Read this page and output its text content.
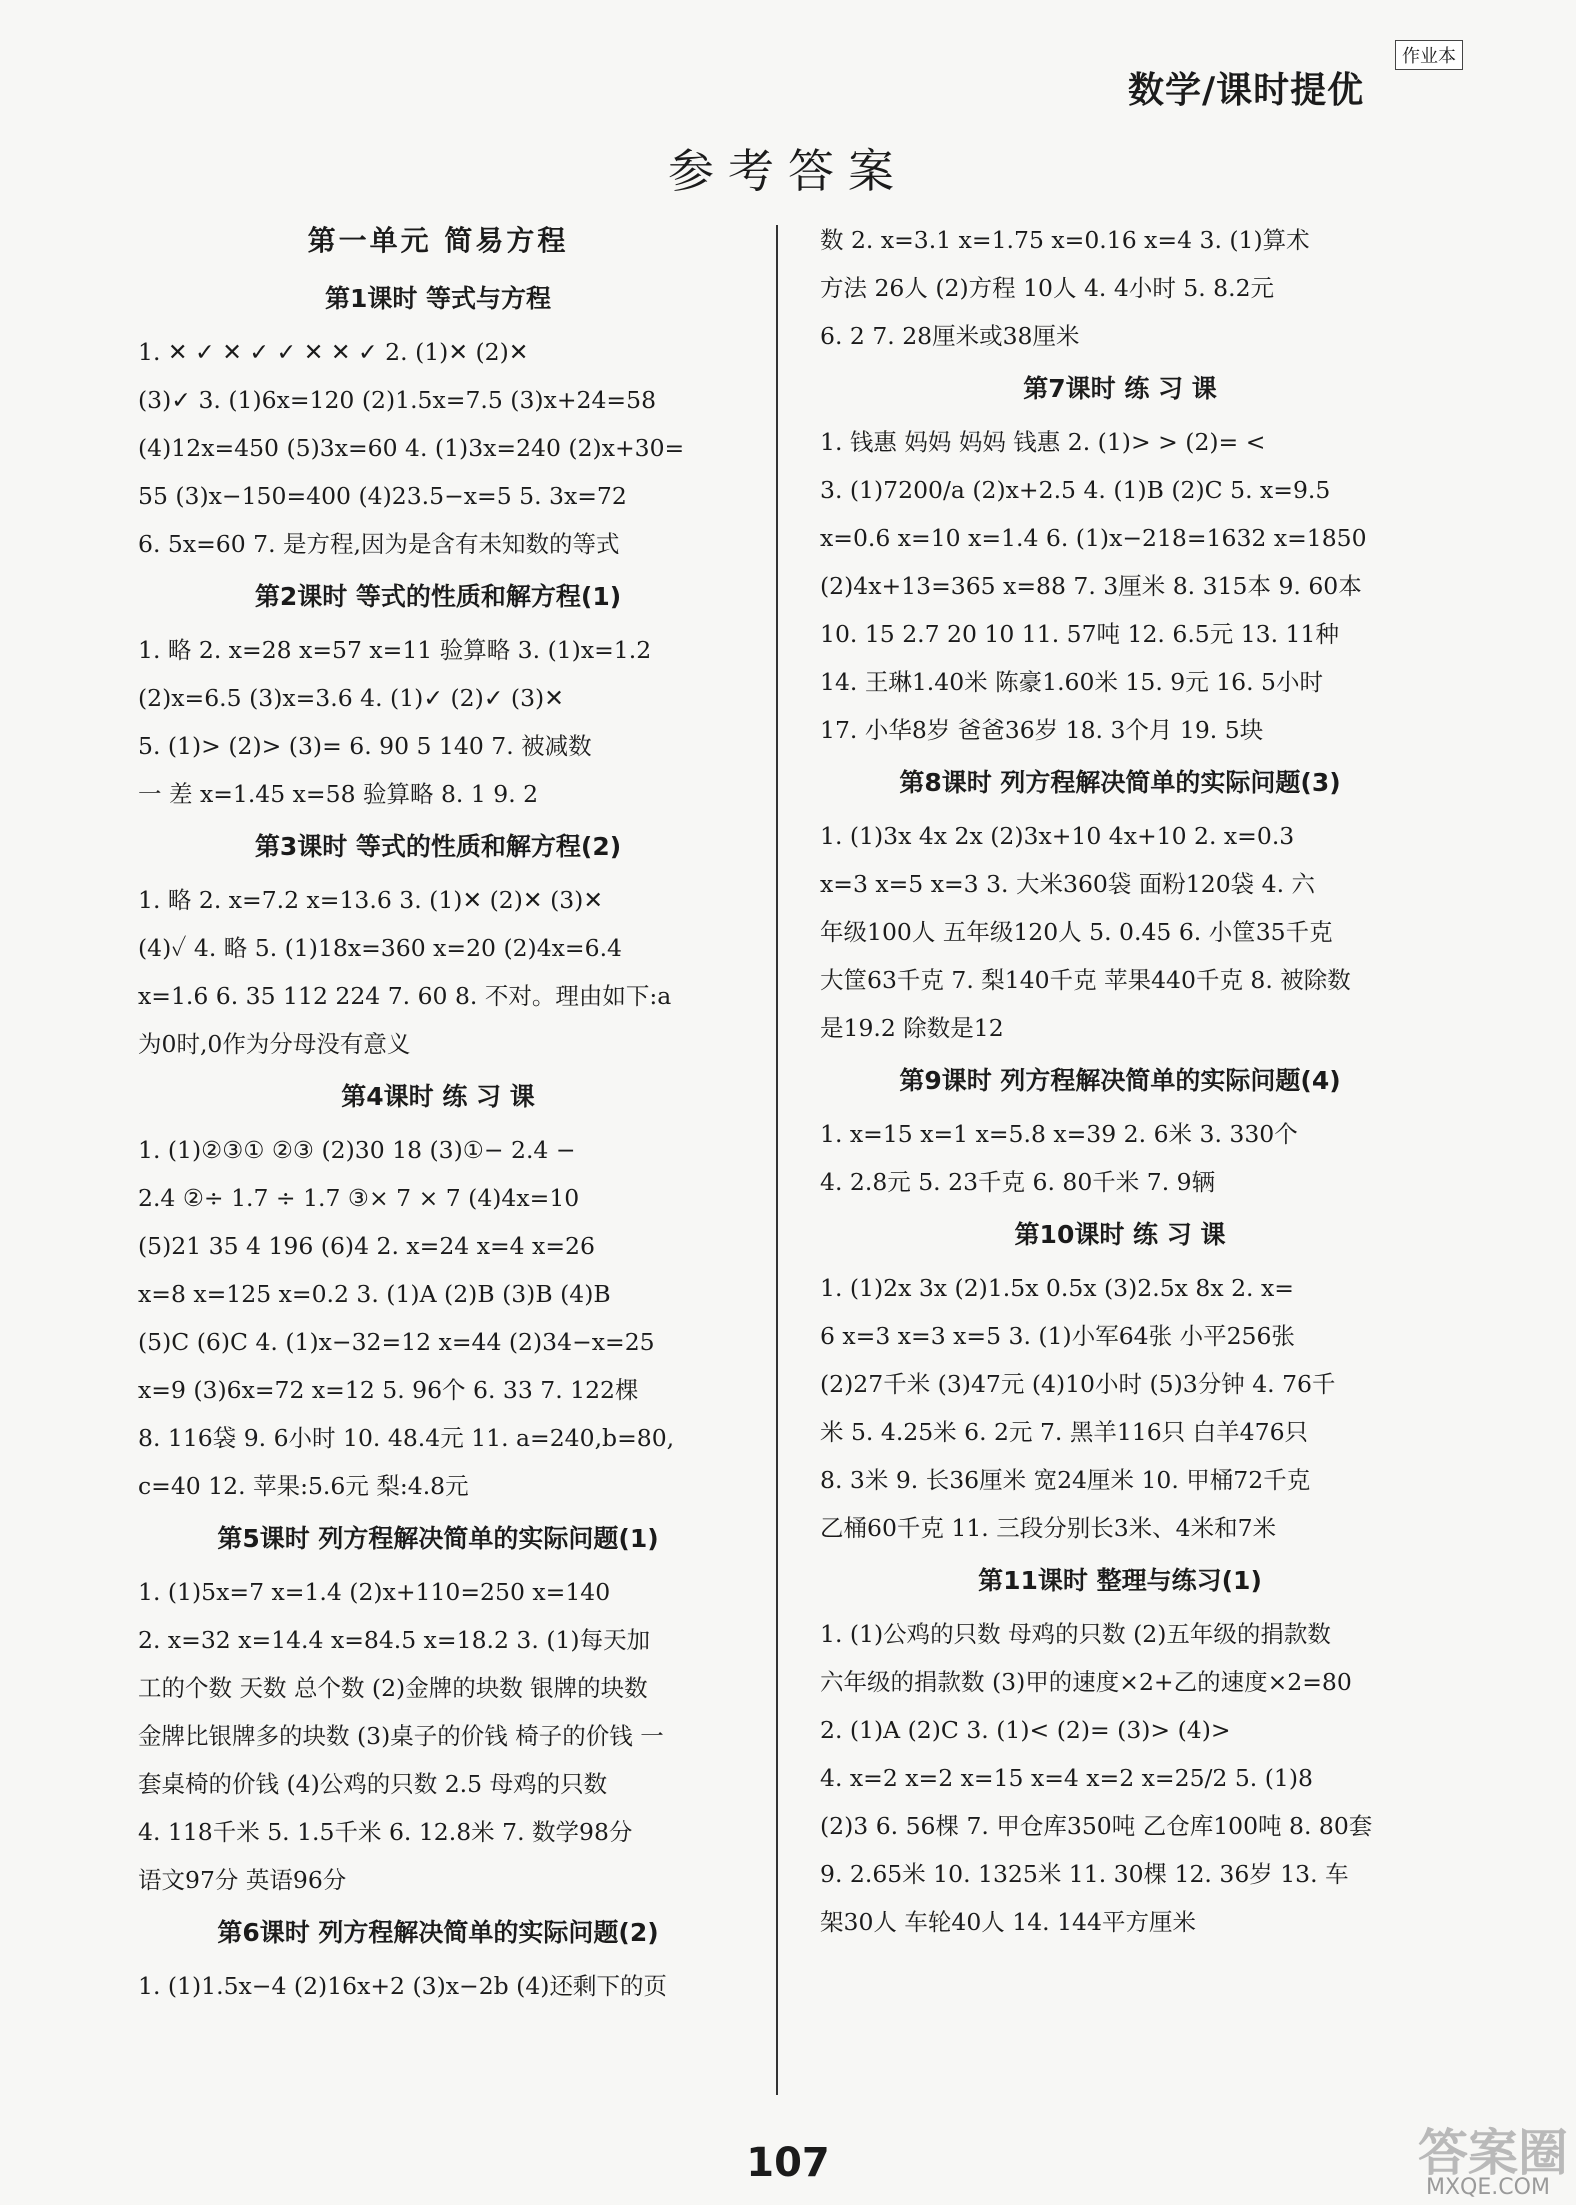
数学/课时提优
作业本
参考答案
第一单元 简易方程
第1课时 等式与方程
1. ✕ ✓ ✕ ✓ ✓ ✕ ✕ ✓ 2. (1)✕ (2)✕
(3)✓ 3. (1)6x=120 (2)1.5x=7.5 (3)x+24=58
(4)12x=450 (5)3x=60 4. (1)3x=240 (2)x+30=
55 (3)x−150=400 (4)23.5−x=5 5. 3x=72
6. 5x=60 7. 是方程,因为是含有未知数的等式
第2课时 等式的性质和解方程(1)
1. 略 2. x=28 x=57 x=11 验算略 3. (1)x=1.2
(2)x=6.5 (3)x=3.6 4. (1)✓ (2)✓ (3)✕
5. (1)> (2)> (3)= 6. 90 5 140 7. 被减数
一 差 x=1.45 x=58 验算略 8. 1 9. 2
第3课时 等式的性质和解方程(2)
1. 略 2. x=7.2 x=13.6 3. (1)✕ (2)✕ (3)✕
(4)✓ 4. 略 5. (1)18x=360 x=20 (2)4x=6.4
x=1.6 6. 35 112 224 7. 60 8. 不对。理由如下:a
为0时,0作为分母没有意义
第4课时 练 习 课
1. (1)②③① ②③ (2)30 18 (3)①− 2.4 −
2.4 ②÷ 1.7 ÷ 1.7 ③× 7 × 7 (4)4x=10
(5)21 35 4 196 (6)4 2. x=24 x=4 x=26
x=8 x=125 x=0.2 3. (1)A (2)B (3)B (4)B
(5)C (6)C 4. (1)x−32=12 x=44 (2)34−x=25
x=9 (3)6x=72 x=12 5. 96个 6. 33 7. 122棵
8. 116袋 9. 6小时 10. 48.4元 11. a=240,b=80,
c=40 12. 苹果:5.6元 梨:4.8元
第5课时 列方程解决简单的实际问题(1)
1. (1)5x=7 x=1.4 (2)x+110=250 x=140
2. x=32 x=14.4 x=84.5 x=18.2 3. (1)每天加
工的个数 天数 总个数 (2)金牌的块数 银牌的块数
金牌比银牌多的块数 (3)桌子的价钱 椅子的价钱 一
套桌椅的价钱 (4)公鸡的只数 2.5 母鸡的只数
4. 118千米 5. 1.5千米 6. 12.8米 7. 数学98分
语文97分 英语96分
第6课时 列方程解决简单的实际问题(2)
1. (1)1.5x−4 (2)16x+2 (3)x−2b (4)还剩下的页
数 2. x=3.1 x=1.75 x=0.16 x=4 3. (1)算术
方法 26人 (2)方程 10人 4. 4小时 5. 8.2元
6. 2 7. 28厘米或38厘米
第7课时 练 习 课
1. 钱惠 妈妈 妈妈 钱惠 2. (1)> > (2)= <
3. (1)7200/a (2)x+2.5 4. (1)B (2)C 5. x=9.5
x=0.6 x=10 x=1.4 6. (1)x−218=1632 x=1850
(2)4x+13=365 x=88 7. 3厘米 8. 315本 9. 60本
10. 15 2.7 20 10 11. 57吨 12. 6.5元 13. 11种
14. 王琳1.40米 陈豪1.60米 15. 9元 16. 5小时
17. 小华8岁 爸爸36岁 18. 3个月 19. 5块
第8课时 列方程解决简单的实际问题(3)
1. (1)3x 4x 2x (2)3x+10 4x+10 2. x=0.3
x=3 x=5 x=3 3. 大米360袋 面粉120袋 4. 六
年级100人 五年级120人 5. 0.45 6. 小筐35千克
大筐63千克 7. 梨140千克 苹果440千克 8. 被除数
是19.2 除数是12
第9课时 列方程解决简单的实际问题(4)
1. x=15 x=1 x=5.8 x=39 2. 6米 3. 330个
4. 2.8元 5. 23千克 6. 80千米 7. 9辆
第10课时 练 习 课
1. (1)2x 3x (2)1.5x 0.5x (3)2.5x 8x 2. x=
6 x=3 x=3 x=5 3. (1)小军64张 小平256张
(2)27千米 (3)47元 (4)10小时 (5)3分钟 4. 76千
米 5. 4.25米 6. 2元 7. 黑羊116只 白羊476只
8. 3米 9. 长36厘米 宽24厘米 10. 甲桶72千克
乙桶60千克 11. 三段分别长3米、4米和7米
第11课时 整理与练习(1)
1. (1)公鸡的只数 母鸡的只数 (2)五年级的捐款数
六年级的捐款数 (3)甲的速度×2+乙的速度×2=80
2. (1)A (2)C 3. (1)< (2)= (3)> (4)>
4. x=2 x=2 x=15 x=4 x=2 x=25/2 5. (1)8
(2)3 6. 56棵 7. 甲仓库350吨 乙仓库100吨 8. 80套
9. 2.65米 10. 1325米 11. 30棵 12. 36岁 13. 车
架30人 车轮40人 14. 144平方厘米
107	答案圈
MXQE.COM
